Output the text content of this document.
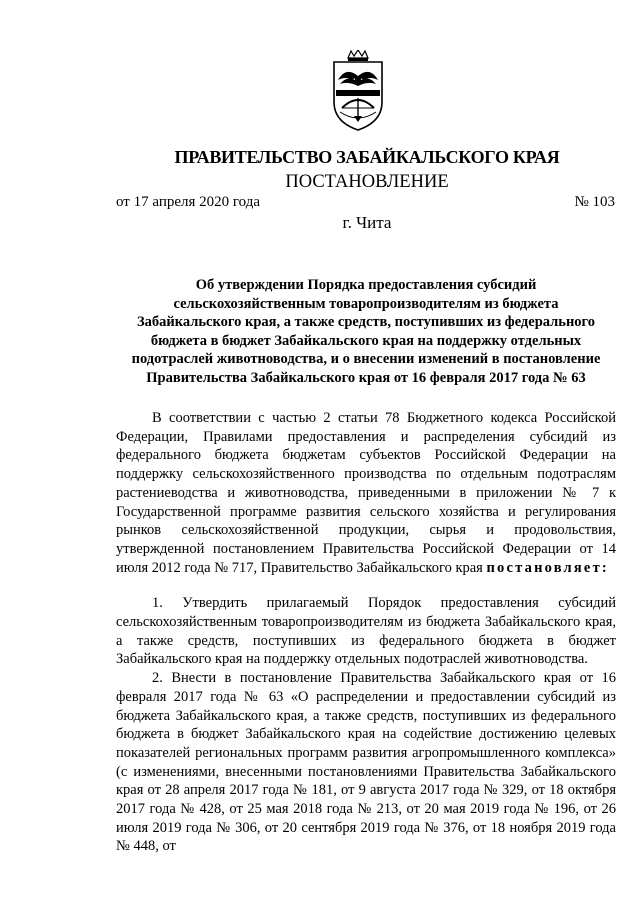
ПРАВИТЕЛЬСТВО ЗАБАЙКАЛЬСКОГО КРАЯ
ПОСТАНОВЛЕНИЕ
от 17 апреля 2020 года	№ 103
г. Чита
Об утверждении Порядка предоставления субсидий
сельскохозяйственным товаропроизводителям из бюджета
Забайкальского края, а также средств, поступивших из федерального
бюджета в бюджет Забайкальского края на поддержку отдельных
подотраслей животноводства, и о внесении изменений в постановление
Правительства Забайкальского края от 16 февраля 2017 года № 63

В соответствии с частью 2 статьи 78 Бюджетного кодекса Российской Федерации, Правилами предоставления и распределения субсидий из федерального бюджета бюджетам субъектов Российской Федерации на поддержку сельскохозяйственного производства по отдельным подотраслям растениеводства и животноводства, приведенными в приложении № 7 к Государственной программе развития сельского хозяйства и регулирования рынков сельскохозяйственной продукции, сырья и продовольствия, утвержденной постановлением Правительства Российской Федерации от 14 июля 2012 года № 717, Правительство Забайкальского края постановляет:

1. Утвердить прилагаемый Порядок предоставления субсидий сельскохозяйственным товаропроизводителям из бюджета Забайкальского края, а также средств, поступивших из федерального бюджета в бюджет Забайкальского края на поддержку отдельных подотраслей животноводства.

2. Внести в постановление Правительства Забайкальского края от 16 февраля 2017 года № 63 «О распределении и предоставлении субсидий из бюджета Забайкальского края, а также средств, поступивших из федерального бюджета в бюджет Забайкальского края на содействие достижению целевых показателей региональных программ развития агропромышленного комплекса» (с изменениями, внесенными постановлениями Правительства Забайкальского края от 28 апреля 2017 года № 181, от 9 августа 2017 года № 329, от 18 октября 2017 года № 428, от 25 мая 2018 года № 213, от 20 мая 2019 года № 196, от 26 июля 2019 года № 306, от 20 сентября 2019 года № 376, от 18 ноября 2019 года № 448, от
